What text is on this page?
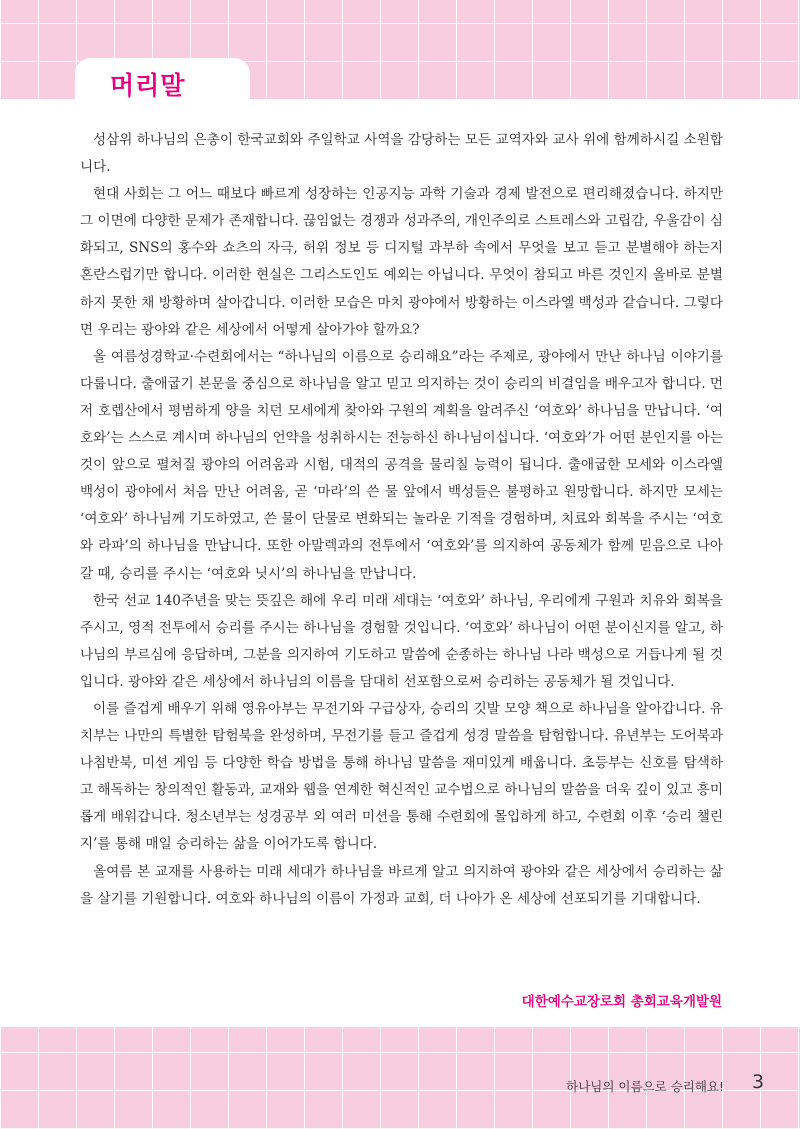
머리말

성삼위 하나님의 은총이 한국교회와 주일학교 사역을 감당하는 모든 교역자와 교사 위에 함께하시길 소원합니다.

현대 사회는 그 어느 때보다 빠르게 성장하는 인공지능 과학 기술과 경제 발전으로 편리해졌습니다. 하지만 그 이면에 다양한 문제가 존재합니다. 끊임없는 경쟁과 성과주의, 개인주의로 스트레스와 고립감, 우울감이 심화되고, SNS의 홍수와 쇼츠의 자극, 허위 정보 등 디지털 과부하 속에서 무엇을 보고 듣고 분별해야 하는지 혼란스럽기만 합니다. 이러한 현실은 그리스도인도 예외는 아닙니다. 무엇이 참되고 바른 것인지 올바로 분별하지 못한 채 방황하며 살아갑니다. 이러한 모습은 마치 광야에서 방황하는 이스라엘 백성과 같습니다. 그렇다면 우리는 광야와 같은 세상에서 어떻게 살아가야 할까요?

올 여름성경학교·수련회에서는 “하나님의 이름으로 승리해요”라는 주제로, 광야에서 만난 하나님 이야기를 다룹니다. 출애굽기 본문을 중심으로 하나님을 알고 믿고 의지하는 것이 승리의 비결임을 배우고자 합니다. 먼저 호렙산에서 평범하게 양을 치던 모세에게 찾아와 구원의 계획을 알려주신 ‘여호와’ 하나님을 만납니다. ‘여호와’는 스스로 계시며 하나님의 언약을 성취하시는 전능하신 하나님이십니다. ‘여호와’가 어떤 분인지를 아는 것이 앞으로 펼쳐질 광야의 어려움과 시험, 대적의 공격을 물리칠 능력이 됩니다. 출애굽한 모세와 이스라엘 백성이 광야에서 처음 만난 어려움, 곧 ‘마라’의 쓴 물 앞에서 백성들은 불평하고 원망합니다. 하지만 모세는 ‘여호와’ 하나님께 기도하였고, 쓴 물이 단물로 변화되는 놀라운 기적을 경험하며, 치료와 회복을 주시는 ‘여호와 라파’의 하나님을 만납니다. 또한 아말렉과의 전투에서 ‘여호와’를 의지하여 공동체가 함께 믿음으로 나아갈 때, 승리를 주시는 ‘여호와 닛시’의 하나님을 만납니다.

한국 선교 140주년을 맞는 뜻깊은 해에 우리 미래 세대는 ‘여호와’ 하나님, 우리에게 구원과 치유와 회복을 주시고, 영적 전투에서 승리를 주시는 하나님을 경험할 것입니다. ‘여호와’ 하나님이 어떤 분이신지를 알고, 하나님의 부르심에 응답하며, 그분을 의지하여 기도하고 말씀에 순종하는 하나님 나라 백성으로 거듭나게 될 것입니다. 광야와 같은 세상에서 하나님의 이름을 담대히 선포함으로써 승리하는 공동체가 될 것입니다.

이를 즐겁게 배우기 위해 영유아부는 무전기와 구급상자, 승리의 깃발 모양 책으로 하나님을 알아갑니다. 유치부는 나만의 특별한 탐험북을 완성하며, 무전기를 들고 즐겁게 성경 말씀을 탐험합니다. 유년부는 도어북과 나침반북, 미션 게임 등 다양한 학습 방법을 통해 하나님 말씀을 재미있게 배웁니다. 초등부는 신호를 탐색하고 해독하는 창의적인 활동과, 교재와 웹을 연계한 혁신적인 교수법으로 하나님의 말씀을 더욱 깊이 있고 흥미롭게 배워갑니다. 청소년부는 성경공부 외 여러 미션을 통해 수련회에 몰입하게 하고, 수련회 이후 ‘승리 챌린지’를 통해 매일 승리하는 삶을 이어가도록 합니다.

올여름 본 교재를 사용하는 미래 세대가 하나님을 바르게 알고 의지하여 광야와 같은 세상에서 승리하는 삶을 살기를 기원합니다. 여호와 하나님의 이름이 가정과 교회, 더 나아가 온 세상에 선포되기를 기대합니다.

대한예수교장로회 총회교육개발원
하나님의 이름으로 승리해요! 3
